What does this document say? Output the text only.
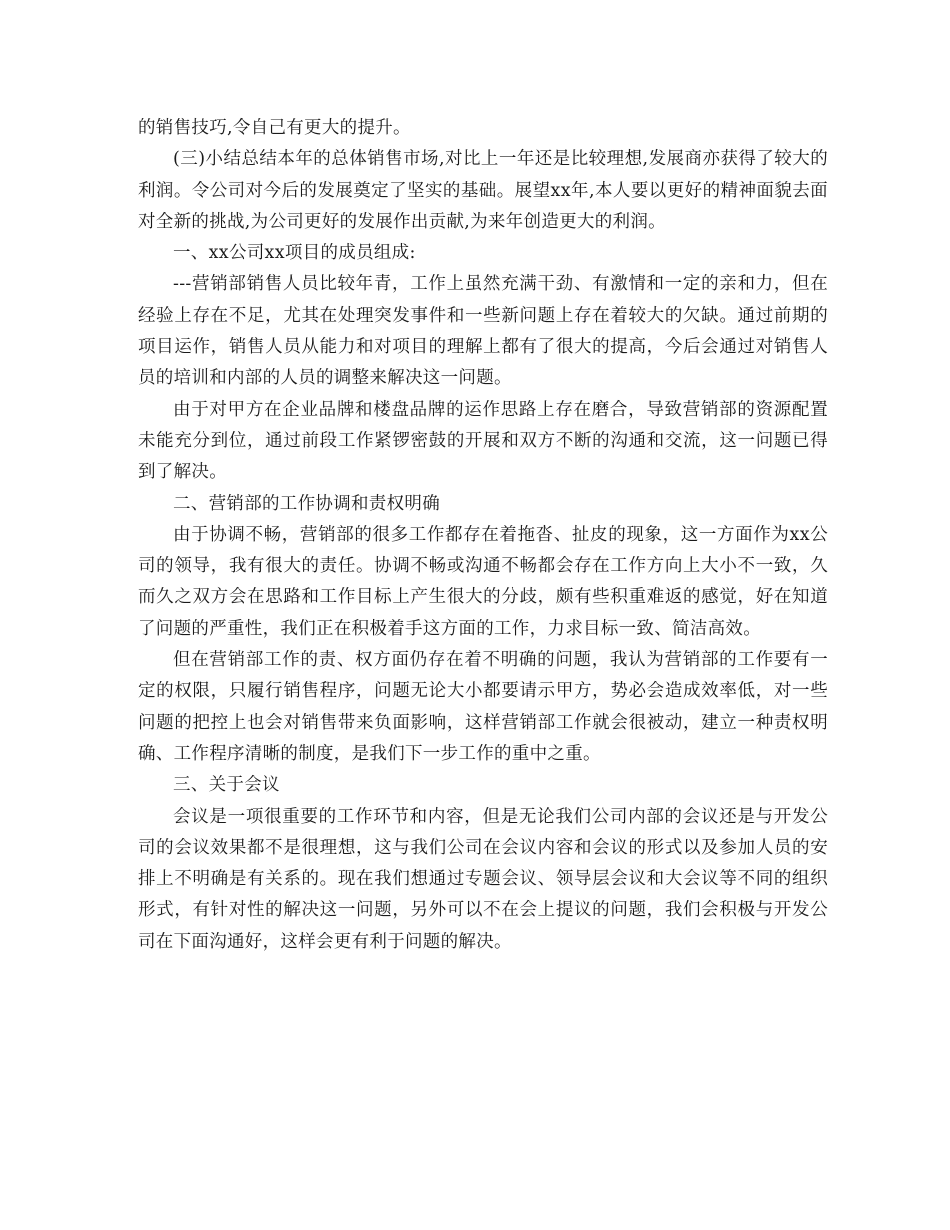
的销售技巧,令自己有更大的提升。

(三)小结总结本年的总体销售市场,对比上一年还是比较理想,发展商亦获得了较大的利润。令公司对今后的发展奠定了坚实的基础。展望xx年,本人要以更好的精神面貌去面对全新的挑战,为公司更好的发展作出贡献,为来年创造更大的利润。

一、xx公司xx项目的成员组成:

---营销部销售人员比较年青，工作上虽然充满干劲、有激情和一定的亲和力，但在经验上存在不足，尤其在处理突发事件和一些新问题上存在着较大的欠缺。通过前期的项目运作，销售人员从能力和对项目的理解上都有了很大的提高，今后会通过对销售人员的培训和内部的人员的调整来解决这一问题。

由于对甲方在企业品牌和楼盘品牌的运作思路上存在磨合，导致营销部的资源配置未能充分到位，通过前段工作紧锣密鼓的开展和双方不断的沟通和交流，这一问题已得到了解决。

二、营销部的工作协调和责权明确

由于协调不畅，营销部的很多工作都存在着拖沓、扯皮的现象，这一方面作为xx公司的领导，我有很大的责任。协调不畅或沟通不畅都会存在工作方向上大小不一致，久而久之双方会在思路和工作目标上产生很大的分歧，颇有些积重难返的感觉，好在知道了问题的严重性，我们正在积极着手这方面的工作，力求目标一致、简洁高效。

但在营销部工作的责、权方面仍存在着不明确的问题，我认为营销部的工作要有一定的权限，只履行销售程序，问题无论大小都要请示甲方，势必会造成效率低，对一些问题的把控上也会对销售带来负面影响，这样营销部工作就会很被动，建立一种责权明确、工作程序清晰的制度，是我们下一步工作的重中之重。

三、关于会议

会议是一项很重要的工作环节和内容，但是无论我们公司内部的会议还是与开发公司的会议效果都不是很理想，这与我们公司在会议内容和会议的形式以及参加人员的安排上不明确是有关系的。现在我们想通过专题会议、领导层会议和大会议等不同的组织形式，有针对性的解决这一问题，另外可以不在会上提议的问题，我们会积极与开发公司在下面沟通好，这样会更有利于问题的解决。
